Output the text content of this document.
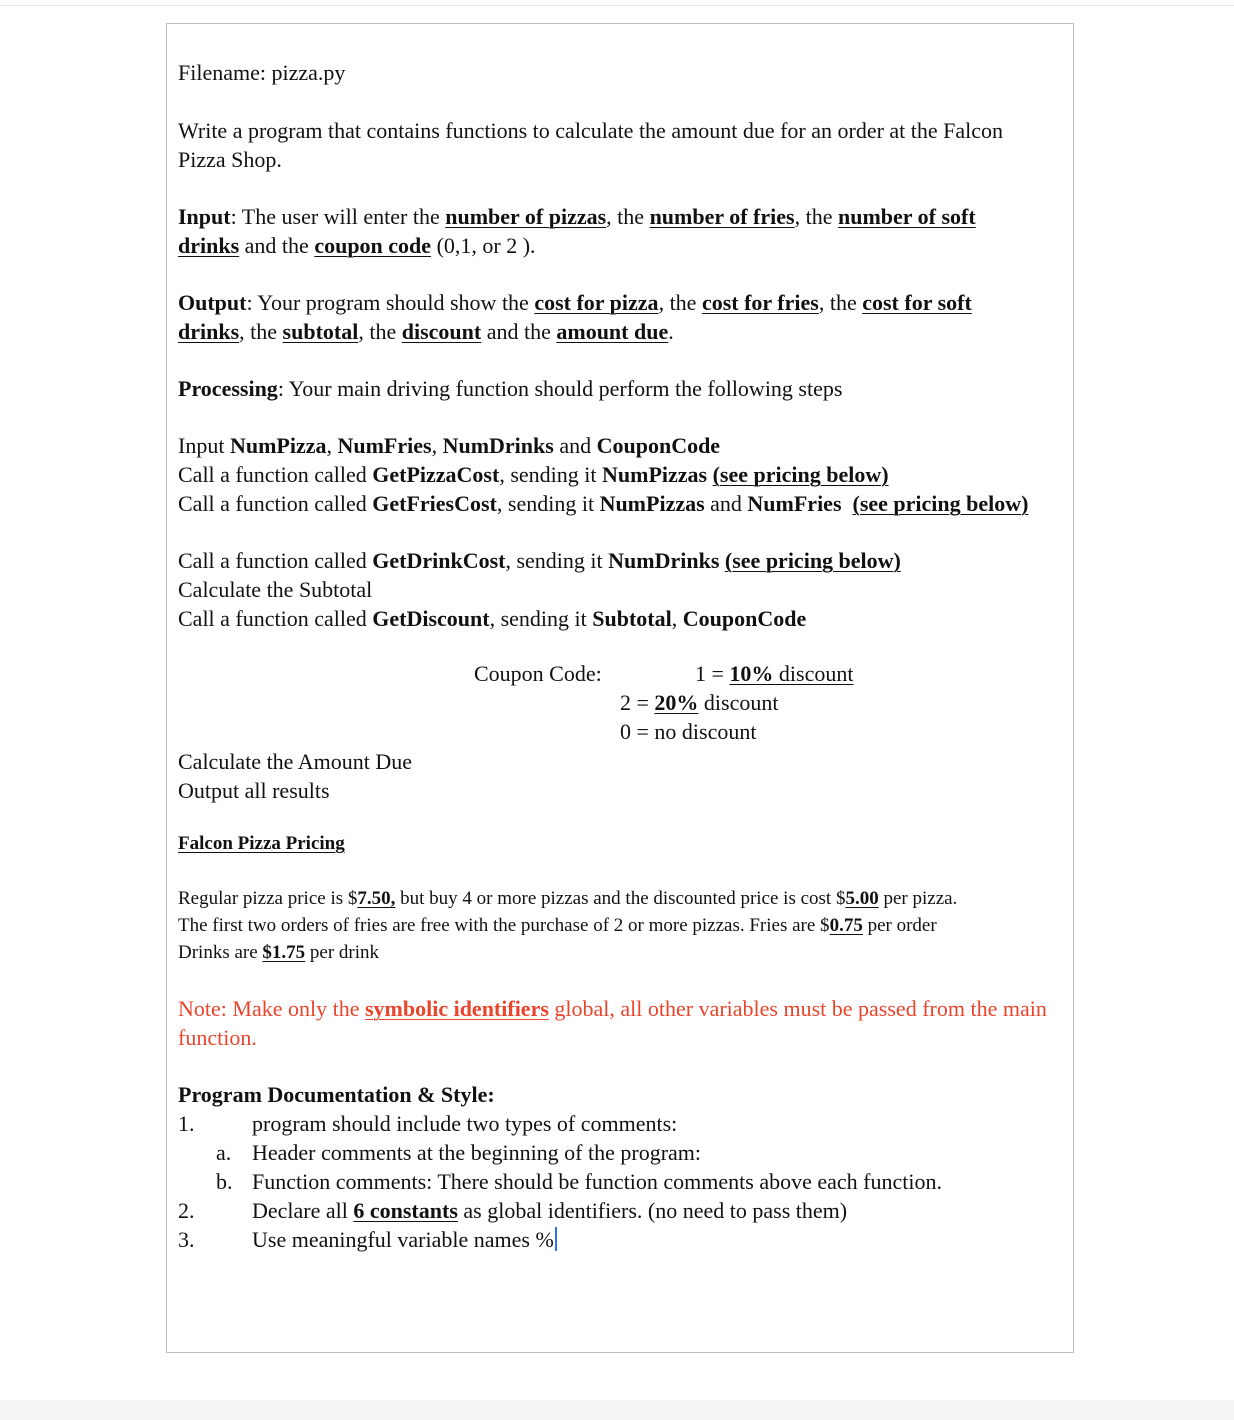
Filename: pizza.py

Write a program that contains functions to calculate the amount due for an order at the Falcon Pizza Shop.

Input: The user will enter the number of pizzas, the number of fries, the number of soft drinks and the coupon code (0,1, or 2 ).

Output: Your program should show the cost for pizza, the cost for fries, the cost for soft drinks, the subtotal, the discount and the amount due.

Processing: Your main driving function should perform the following steps

Input NumPizza, NumFries, NumDrinks and CouponCode

Call a function called GetPizzaCost, sending it NumPizzas (see pricing below)

Call a function called GetFriesCost, sending it NumPizzas and NumFries (see pricing below)

Call a function called GetDrinkCost, sending it NumDrinks (see pricing below)

Calculate the Subtotal

Call a function called GetDiscount, sending it Subtotal, CouponCode

Coupon Code:	1 = 10% discount
2 = 20% discount
0 = no discount

Calculate the Amount Due

Output all results

Falcon Pizza Pricing

Regular pizza price is $7.50, but buy 4 or more pizzas and the discounted price is cost $5.00 per pizza.

The first two orders of fries are free with the purchase of 2 or more pizzas. Fries are $0.75 per order

Drinks are $1.75 per drink

Note: Make only the symbolic identifiers global, all other variables must be passed from the main function.

Program Documentation & Style:

1.	program should include two types of comments:
a. Header comments at the beginning of the program:
b. Function comments: There should be function comments above each function.
2.	Declare all 6 constants as global identifiers. (no need to pass them)
3.	Use meaningful variable names %
